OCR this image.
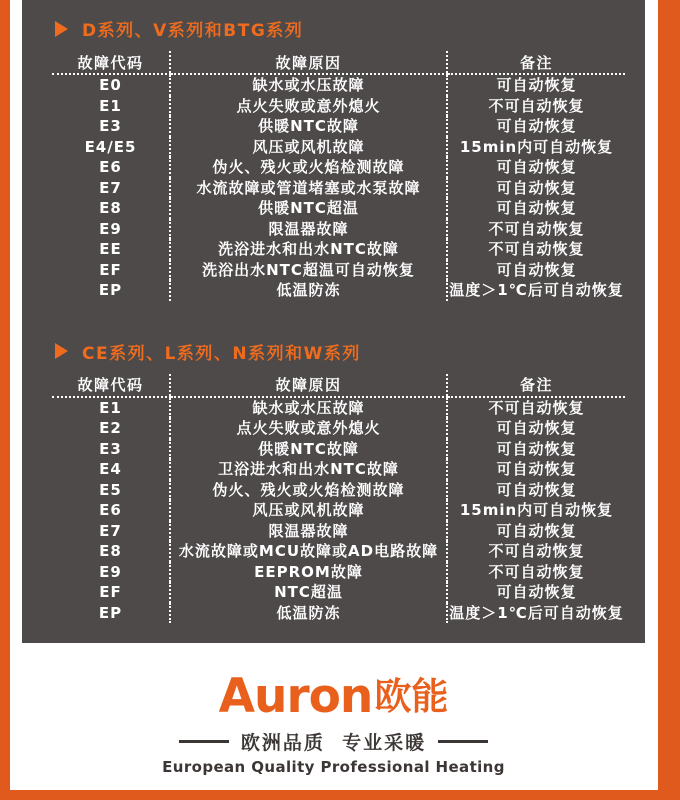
D系列、V系列和BTG系列
故障代码	故障原因	备注
E0	缺水或水压故障	可自动恢复
E1	点火失败或意外熄火	不可自动恢复
E3	供暖NTC故障	可自动恢复
E4/E5	风压或风机故障	15min内可自动恢复
E6	伪火、残火或火焰检测故障	可自动恢复
E7	水流故障或管道堵塞或水泵故障	可自动恢复
E8	供暖NTC超温	可自动恢复
E9	限温器故障	不可自动恢复
EE	洗浴进水和出水NTC故障	不可自动恢复
EF	洗浴出水NTC超温可自动恢复	可自动恢复
EP	低温防冻	温度＞1℃后可自动恢复
CE系列、L系列、N系列和W系列
故障代码	故障原因	备注
E1	缺水或水压故障	不可自动恢复
E2	点火失败或意外熄火	可自动恢复
E3	供暖NTC故障	可自动恢复
E4	卫浴进水和出水NTC故障	可自动恢复
E5	伪火、残火或火焰检测故障	可自动恢复
E6	风压或风机故障	15min内可自动恢复
E7	限温器故障	可自动恢复
E8	水流故障或MCU故障或AD电路故障	不可自动恢复
E9	EEPROM故障	不可自动恢复
EF	NTC超温	可自动恢复
EP	低温防冻	温度＞1℃后可自动恢复
Auron 欧能
欧洲品质  专业采暖
European Quality Professional Heating
